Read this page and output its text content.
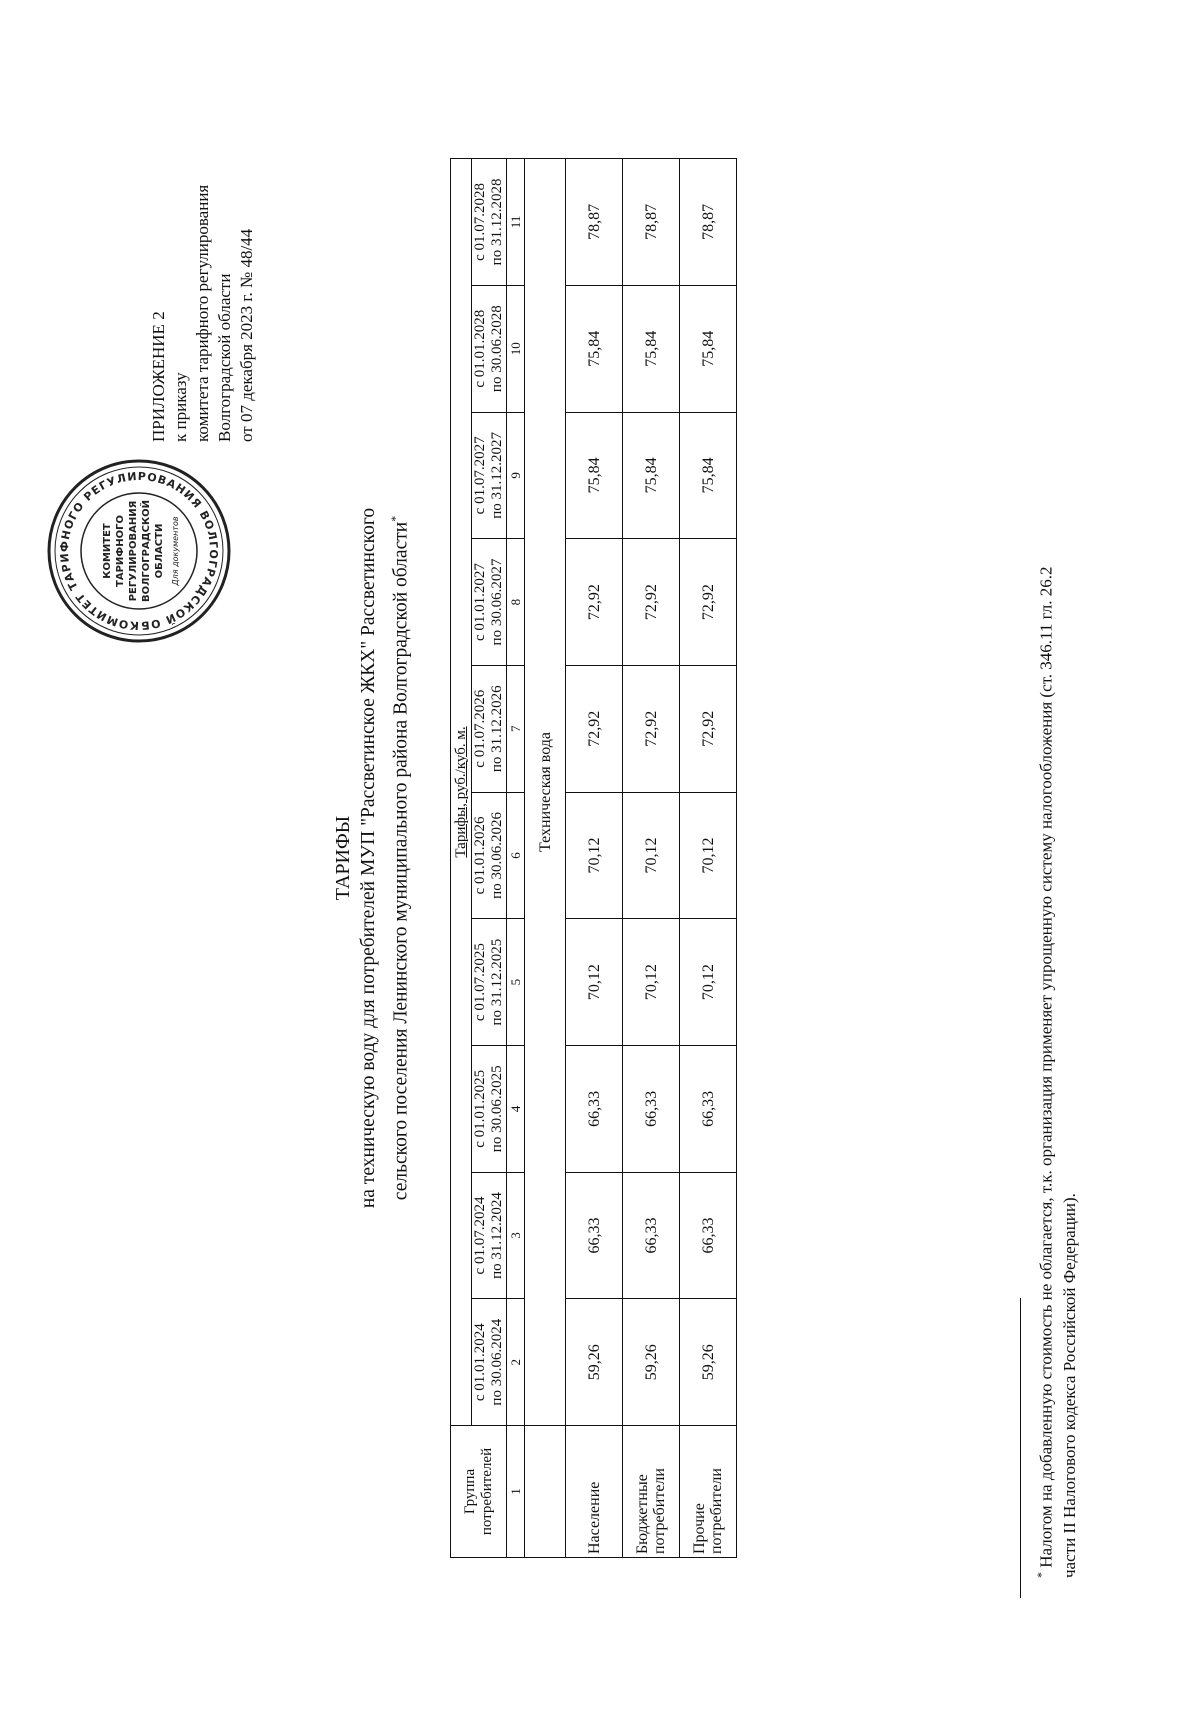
КОМИТЕТ ТАРИФНОГО РЕГУЛИРОВАНИЯ ВОЛГОГРАДСКОЙ ОБ
КОМИТЕТ ТАРИФНОГО РЕГУЛИРОВАНИЯ ВОЛГОГРАДСКОЙ ОБЛАСТИ Для документов
ПРИЛОЖЕНИЕ 2 к приказу комитета тарифного регулирования Волгоградской области от 07 декабря 2023 г. № 48/44
ТАРИФЫ на техническую воду для потребителей МУП "Рассветинское ЖКХ" Рассветинского сельского поселения Ленинского муниципального района Волгоградской области*
Группа потребителей	Тарифы, руб./куб. м.									
	с 01.01.2024	с 01.07.2024	с 01.01.2025	с 01.07.2025	с 01.01.2026	с 01.07.2026	с 01.01.2027	с 01.07.2027	с 01.01.2028	с 01.07.2028
	по 30.06.2024	по 31.12.2024	по 30.06.2025	по 31.12.2025	по 30.06.2026	по 31.12.2026	по 30.06.2027	по 31.12.2027	по 30.06.2028	по 31.12.2028
1	2	3	4	5	6	7	8	9	10	11
	Техническая вода									

Население	59,26	66,33	66,33	70,12	70,12	72,92	72,92	75,84	75,84	78,87

Бюджетные потребители	59,26	66,33	66,33	70,12	70,12	72,92	72,92	75,84	75,84	78,87

Прочие потребители	59,26	66,33	66,33	70,12	70,12	72,92	72,92	75,84	75,84	78,87
* Налогом на добавленную стоимость не облагается, т.к. организация применяет упрощенную систему налогообложения (ст. 346.11 гл. 26.2 части II Налогового кодекса Российской Федерации).
